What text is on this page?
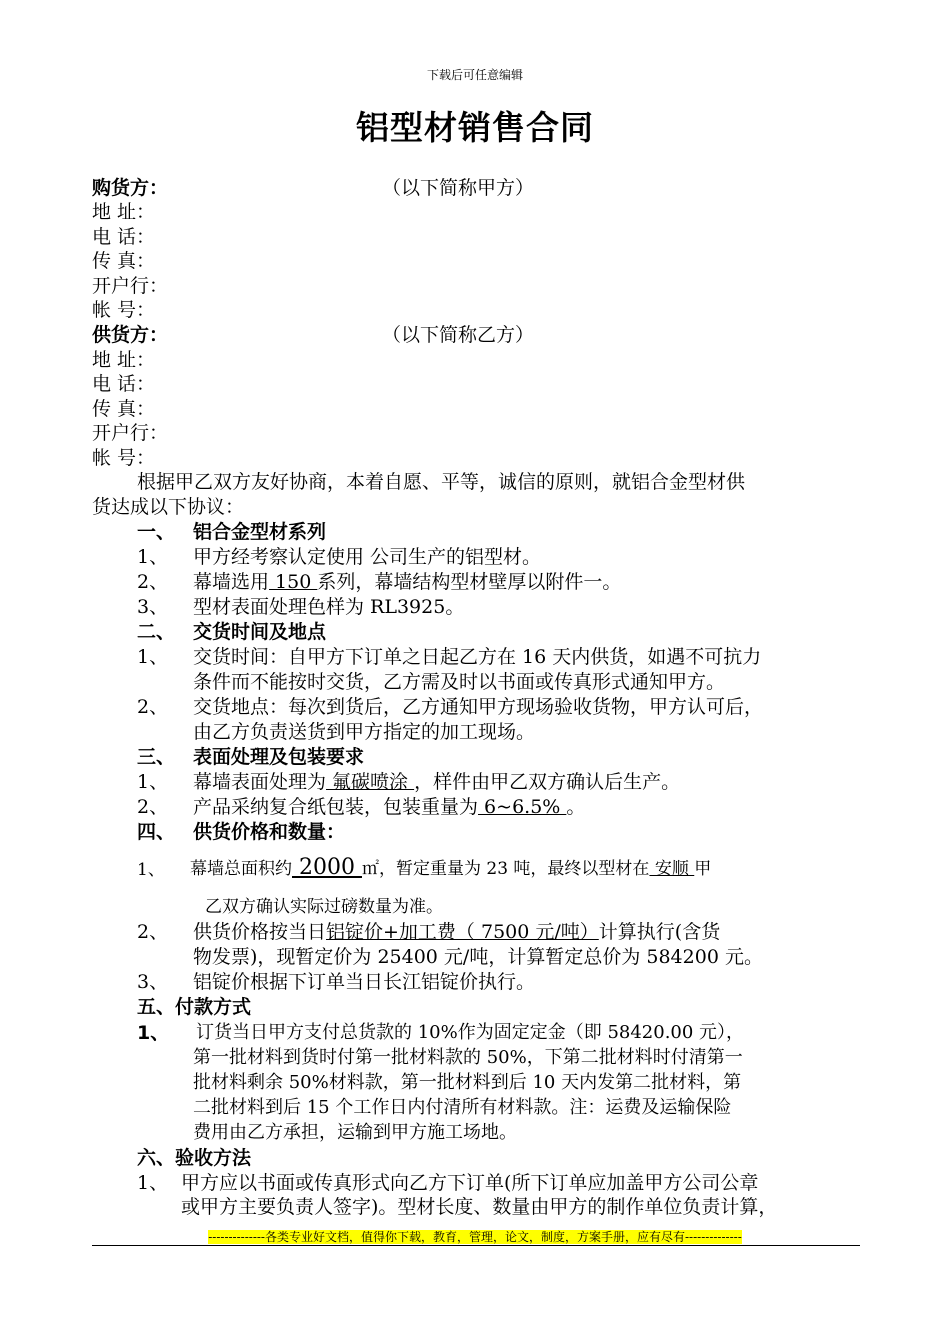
下载后可任意编辑
铝型材销售合同
购货方：	（以下简称甲方）
地 址：
电 话：
传 真：
开户行：
帐 号：
供货方：	（以下简称乙方）
地 址：
电 话：
传 真：
开户行：
帐 号：
根据甲乙双方友好协商，本着自愿、平等，诚信的原则，就铝合金型材供
货达成以下协议：
一、 铝合金型材系列
1、 甲方经考察认定使用 公司生产的铝型材。
2、 幕墙选用 150 系列，幕墙结构型材壁厚以附件一。
3、 型材表面处理色样为 RL3925。
二、 交货时间及地点
1、 交货时间：自甲方下订单之日起乙方在 16 天内供货，如遇不可抗力
条件而不能按时交货，乙方需及时以书面或传真形式通知甲方。
2、 交货地点：每次到货后，乙方通知甲方现场验收货物，甲方认可后，
由乙方负责送货到甲方指定的加工现场。
三、 表面处理及包装要求
1、 幕墙表面处理为 氟碳喷涂 ，样件由甲乙双方确认后生产。
2、 产品采纳复合纸包装，包装重量为 6~6.5% 。
四、 供货价格和数量：
1、 幕墙总面积约 2000 ㎡，暂定重量为 23 吨，最终以型材在 安顺 甲
乙双方确认实际过磅数量为准。
2、 供货价格按当日铝锭价+加工费（ 7500 元/吨）计算执行(含货
物发票)，现暂定价为 25400 元/吨，计算暂定总价为 584200 元。
3、 铝锭价根据下订单当日长江铝锭价执行。
五、付款方式
1、 订货当日甲方支付总货款的 10%作为固定定金（即 58420.00 元），
第一批材料到货时付第一批材料款的 50%，下第二批材料时付清第一
批材料剩余 50%材料款，第一批材料到后 10 天内发第二批材料，第
二批材料到后 15 个工作日内付清所有材料款。注：运费及运输保险
费用由乙方承担，运输到甲方施工场地。
六、验收方法
1、 甲方应以书面或传真形式向乙方下订单(所下订单应加盖甲方公司公章
或甲方主要负责人签字)。型材长度、数量由甲方的制作单位负责计算，
--------------各类专业好文档，值得你下载，教育，管理，论文，制度，方案手册，应有尽有--------------
